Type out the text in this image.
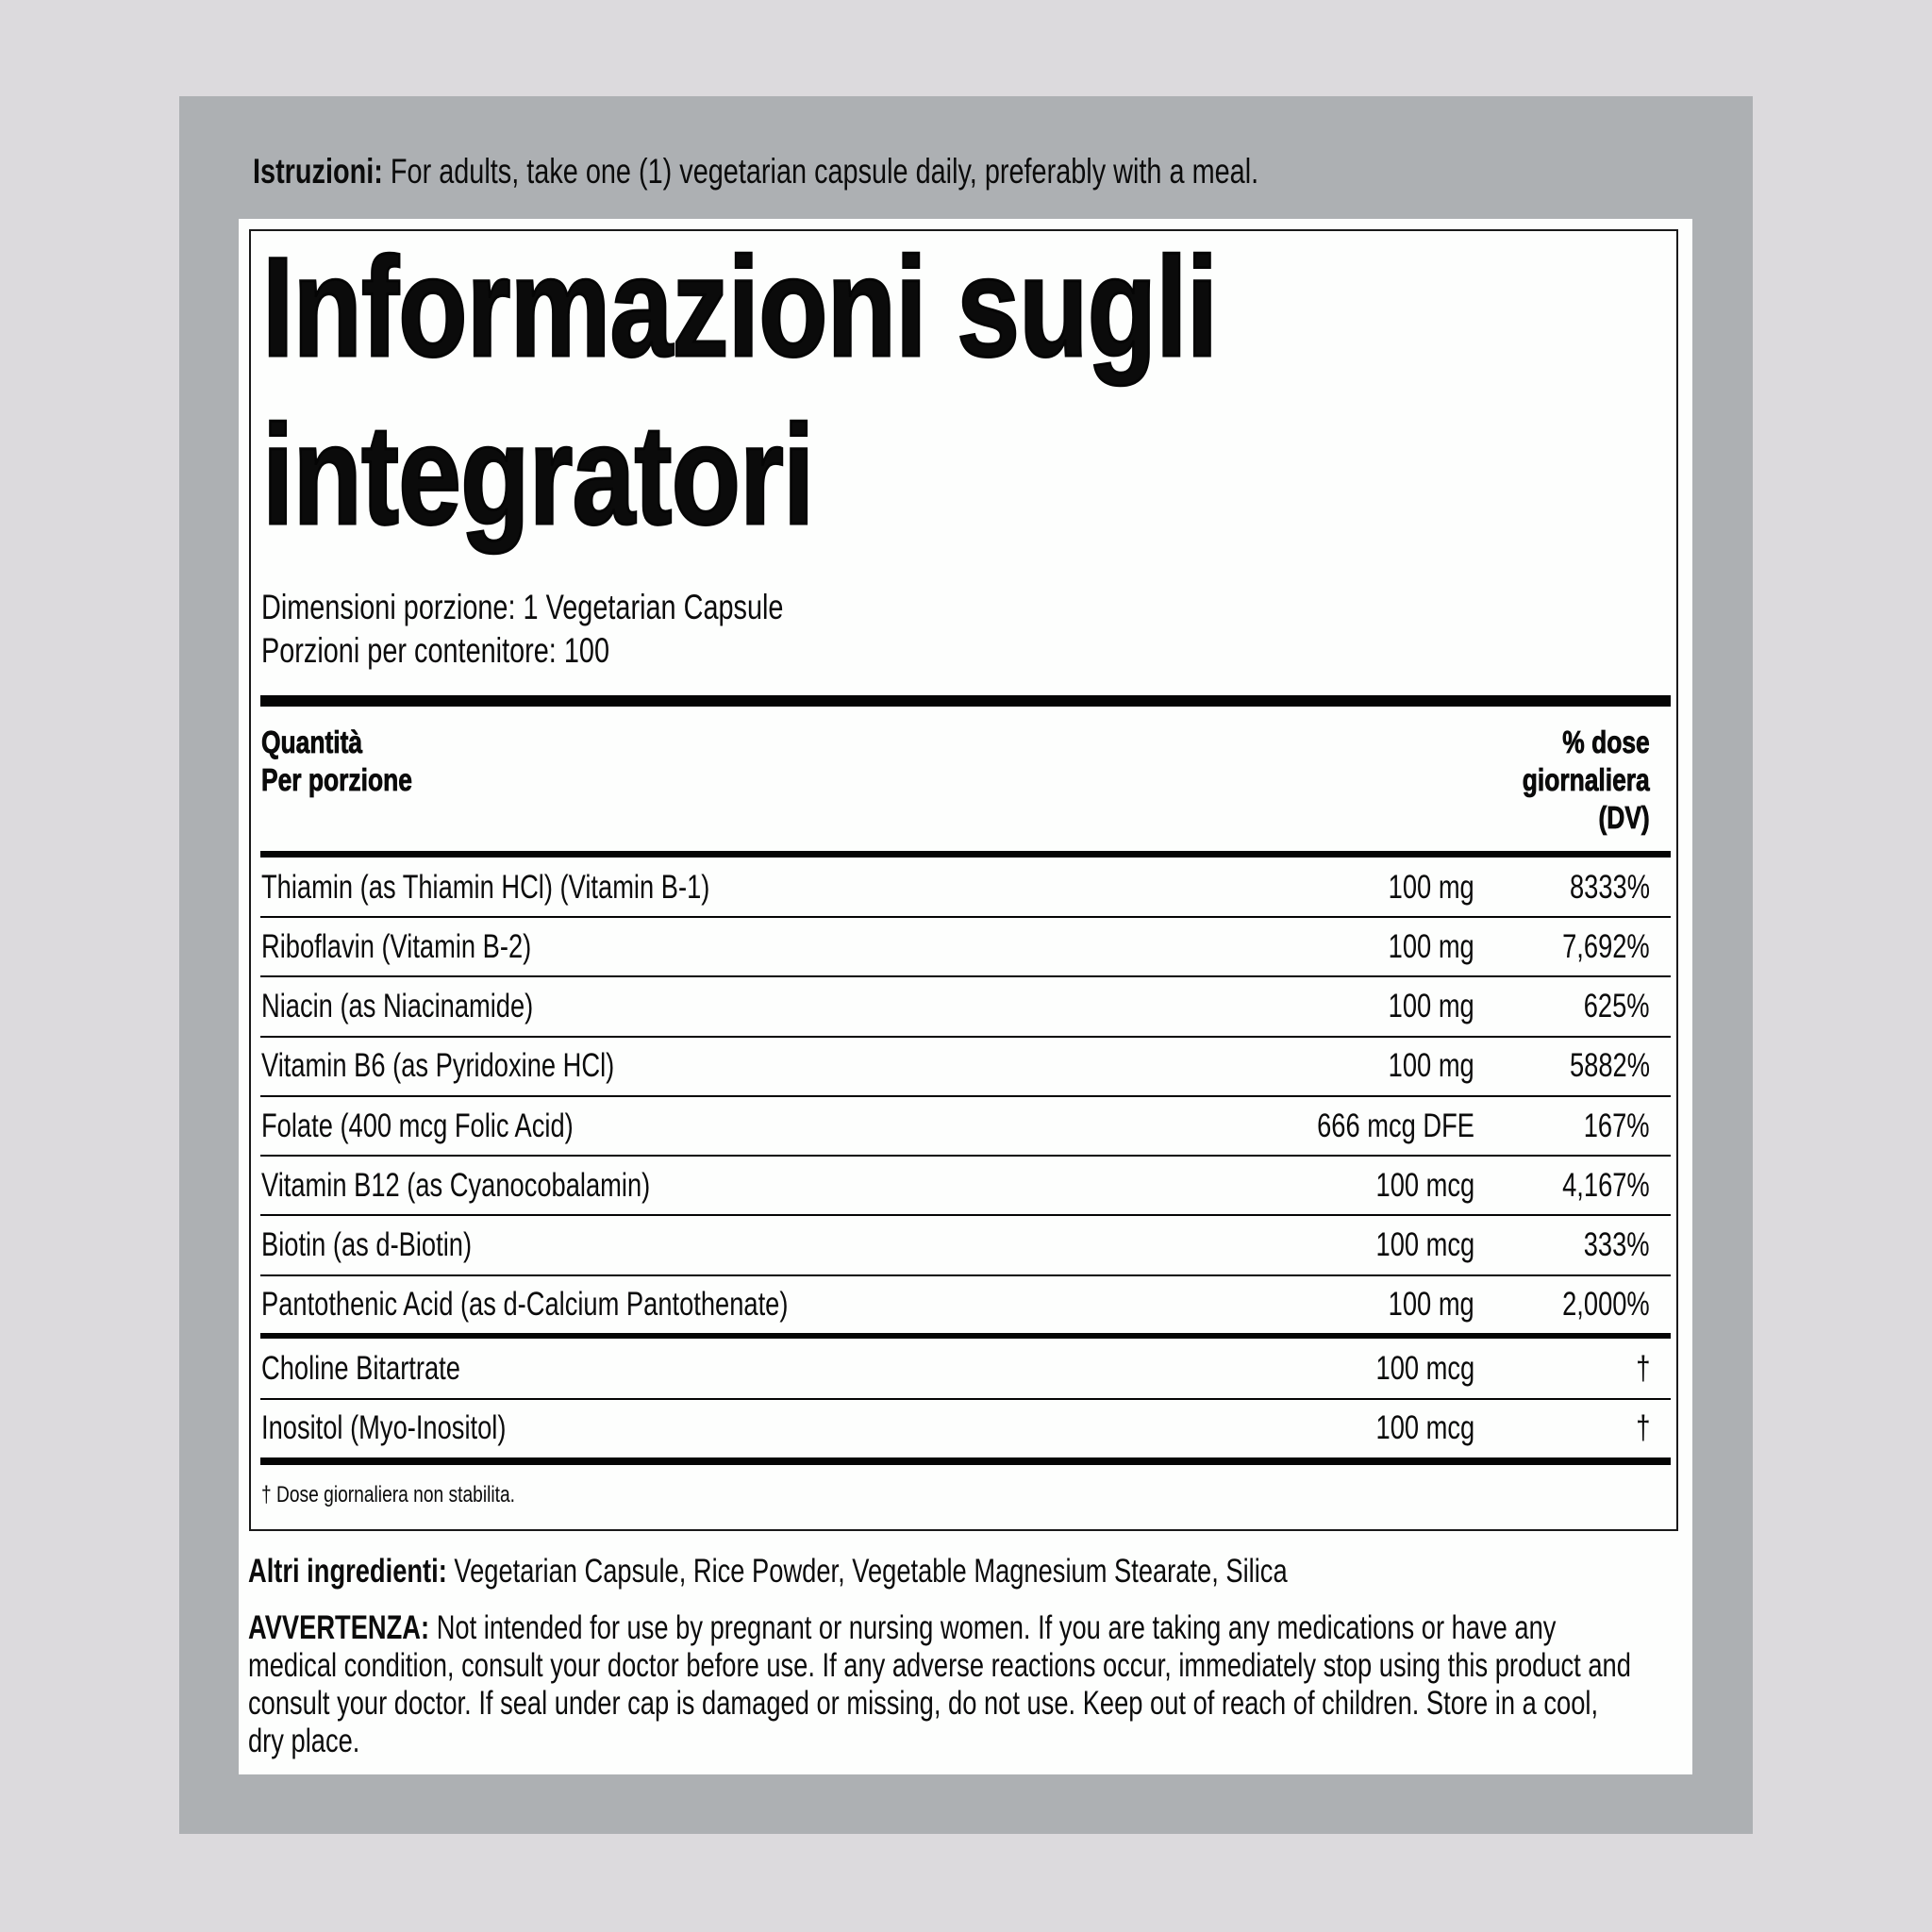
Istruzioni: For adults, take one (1) vegetarian capsule daily, preferably with a meal.
Informazioni sugli
integratori
Dimensioni porzione: 1 Vegetarian Capsule
Porzioni per contenitore: 100
Quantità
Per porzione
% dose
giornaliera
(DV)
Thiamin (as Thiamin HCl) (Vitamin B-1)	100 mg	8333%
Riboflavin (Vitamin B-2)	100 mg	7,692%
Niacin (as Niacinamide)	100 mg	625%
Vitamin B6 (as Pyridoxine HCl)	100 mg	5882%
Folate (400 mcg Folic Acid)	666 mcg DFE	167%
Vitamin B12 (as Cyanocobalamin)	100 mcg	4,167%
Biotin (as d-Biotin)	100 mcg	333%
Pantothenic Acid (as d-Calcium Pantothenate)	100 mg	2,000%
Choline Bitartrate	100 mcg	†
Inositol (Myo-Inositol)	100 mcg	†
† Dose giornaliera non stabilita.
Altri ingredienti: Vegetarian Capsule, Rice Powder, Vegetable Magnesium Stearate, Silica
AVVERTENZA: Not intended for use by pregnant or nursing women. If you are taking any medications or have any
medical condition, consult your doctor before use. If any adverse reactions occur, immediately stop using this product and
consult your doctor. If seal under cap is damaged or missing, do not use. Keep out of reach of children. Store in a cool,
dry place.
